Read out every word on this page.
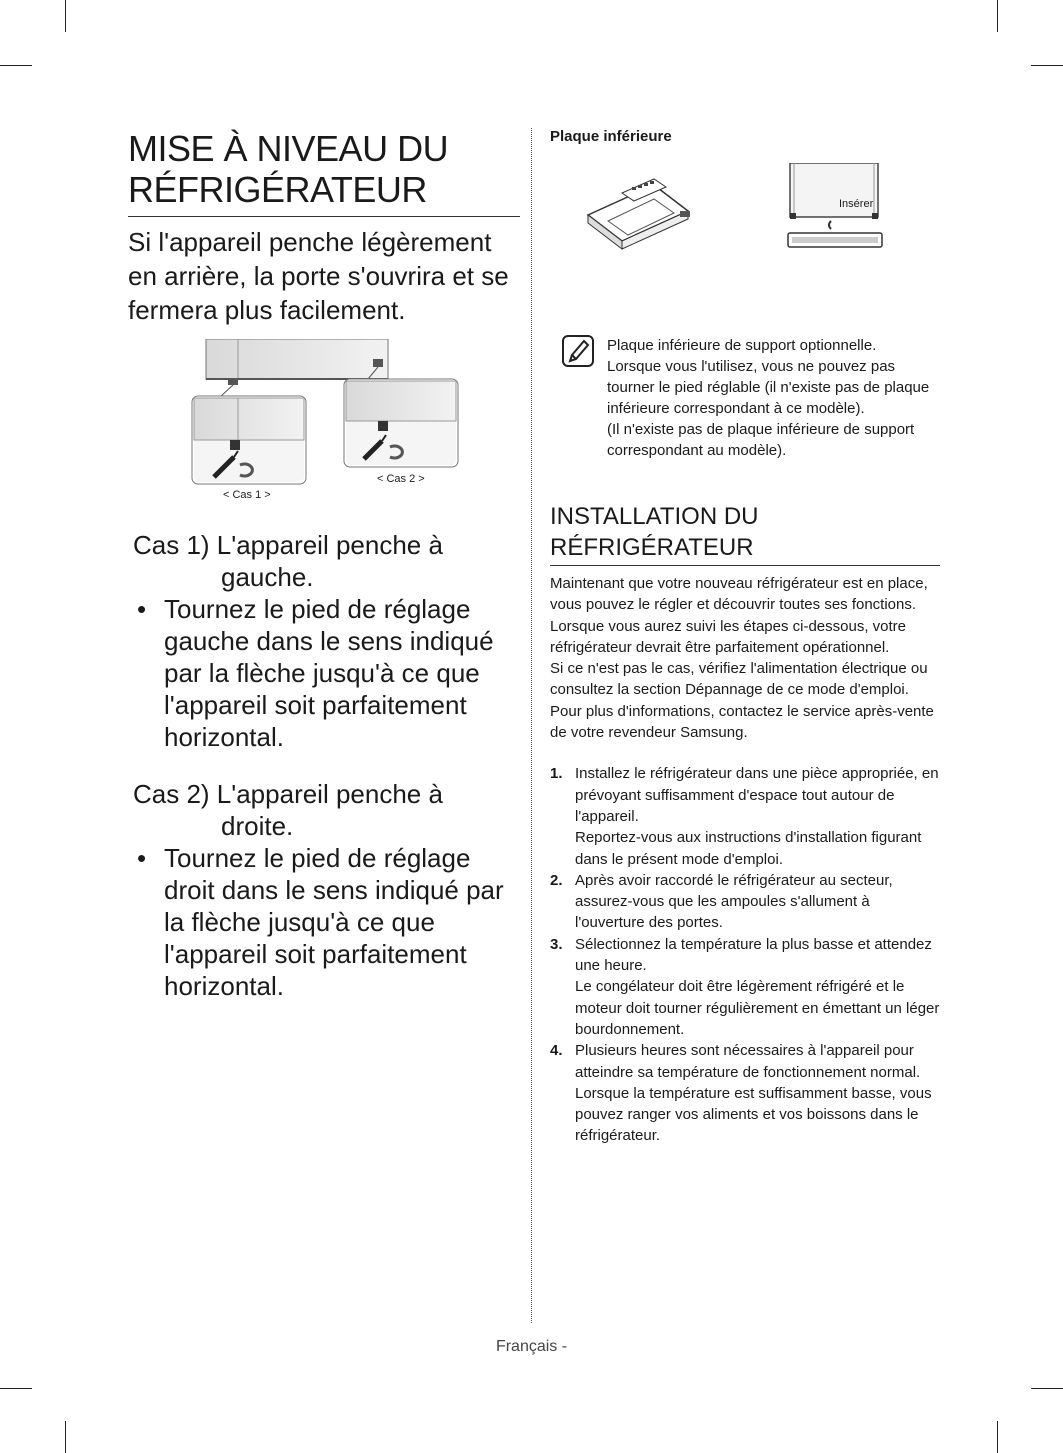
MISE À NIVEAU DU
RÉFRIGÉRATEUR
Si l'appareil penche légèrement en arrière, la porte s'ouvrira et se fermera plus facilement.
< Cas 1 >
< Cas 2 >
Cas 1) L'appareil penche à
gauche.
• Tournez le pied de réglage gauche dans le sens indiqué par la flèche jusqu'à ce que l'appareil soit parfaitement horizontal.
Cas 2) L'appareil penche à
droite.
• Tournez le pied de réglage droit dans le sens indiqué par la flèche jusqu'à ce que l'appareil soit parfaitement horizontal.
Plaque inférieure
Insérer
Plaque inférieure de support optionnelle.
Lorsque vous l'utilisez, vous ne pouvez pas tourner le pied réglable (il n'existe pas de plaque inférieure correspondant à ce modèle).
(Il n'existe pas de plaque inférieure de support correspondant au modèle).
INSTALLATION DU
RÉFRIGÉRATEUR
Maintenant que votre nouveau réfrigérateur est en place, vous pouvez le régler et découvrir toutes ses fonctions.
Lorsque vous aurez suivi les étapes ci-dessous, votre réfrigérateur devrait être parfaitement opérationnel.
Si ce n'est pas le cas, vérifiez l'alimentation électrique ou consultez la section Dépannage de ce mode d'emploi.
Pour plus d'informations, contactez le service après-vente de votre revendeur Samsung.
1. Installez le réfrigérateur dans une pièce appropriée, en prévoyant suffisamment d'espace tout autour de l'appareil.
Reportez-vous aux instructions d'installation figurant dans le présent mode d'emploi.
2. Après avoir raccordé le réfrigérateur au secteur, assurez-vous que les ampoules s'allument à l'ouverture des portes.
3. Sélectionnez la température la plus basse et attendez une heure.
Le congélateur doit être légèrement réfrigéré et le moteur doit tourner régulièrement en émettant un léger bourdonnement.
4. Plusieurs heures sont nécessaires à l'appareil pour atteindre sa température de fonctionnement normal.
Lorsque la température est suffisamment basse, vous pouvez ranger vos aliments et vos boissons dans le réfrigérateur.
Français -
